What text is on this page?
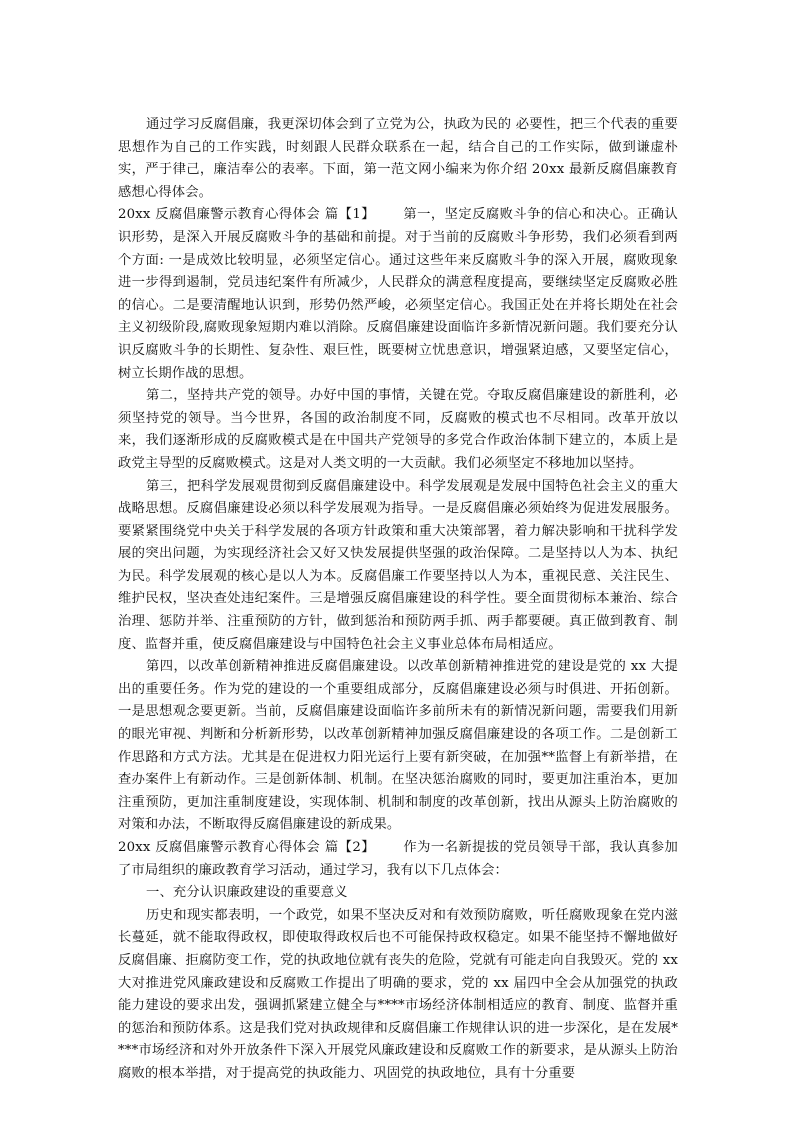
通过学习反腐倡廉，我更深切体会到了立党为公，执政为民的 必要性，把三个代表的重要思想作为自己的工作实践，时刻跟人民群众联系在一起，结合自己的工作实际，做到谦虚朴实，严于律己，廉洁奉公的表率。下面，第一范文网小编来为你介绍 20xx 最新反腐倡廉教育感想心得体会。

20xx 反腐倡廉警示教育心得体会 篇【1】 第一，坚定反腐败斗争的信心和决心。正确认识形势，是深入开展反腐败斗争的基础和前提。对于当前的反腐败斗争形势，我们必须看到两个方面: 一是成效比较明显，必须坚定信心。通过这些年来反腐败斗争的深入开展，腐败现象进一步得到遏制，党员违纪案件有所减少，人民群众的满意程度提高，要继续坚定反腐败必胜的信心。二是要清醒地认识到，形势仍然严峻，必须坚定信心。我国正处在并将长期处在社会主义初级阶段,腐败现象短期内难以消除。反腐倡廉建设面临许多新情况新问题。我们要充分认识反腐败斗争的长期性、复杂性、艰巨性，既要树立忧患意识，增强紧迫感，又要坚定信心，树立长期作战的思想。

第二，坚持共产党的领导。办好中国的事情，关键在党。夺取反腐倡廉建设的新胜利，必须坚持党的领导。当今世界，各国的政治制度不同，反腐败的模式也不尽相同。改革开放以来，我们逐渐形成的反腐败模式是在中国共产党领导的多党合作政治体制下建立的，本质上是政党主导型的反腐败模式。这是对人类文明的一大贡献。我们必须坚定不移地加以坚持。

第三，把科学发展观贯彻到反腐倡廉建设中。科学发展观是发展中国特色社会主义的重大战略思想。反腐倡廉建设必须以科学发展观为指导。一是反腐倡廉必须始终为促进发展服务。要紧紧围绕党中央关于科学发展的各项方针政策和重大决策部署，着力解决影响和干扰科学发展的突出问题，为实现经济社会又好又快发展提供坚强的政治保障。二是坚持以人为本、执纪为民。科学发展观的核心是以人为本。反腐倡廉工作要坚持以人为本，重视民意、关注民生、维护民权，坚决查处违纪案件。三是增强反腐倡廉建设的科学性。要全面贯彻标本兼治、综合治理、惩防并举、注重预防的方针，做到惩治和预防两手抓、两手都要硬。真正做到教育、制度、监督并重，使反腐倡廉建设与中国特色社会主义事业总体布局相适应。

第四，以改革创新精神推进反腐倡廉建设。以改革创新精神推进党的建设是党的 xx 大提出的重要任务。作为党的建设的一个重要组成部分，反腐倡廉建设必须与时俱进、开拓创新。一是思想观念要更新。当前，反腐倡廉建设面临许多前所未有的新情况新问题，需要我们用新的眼光审视、判断和分析新形势，以改革创新精神加强反腐倡廉建设的各项工作。二是创新工作思路和方式方法。尤其是在促进权力阳光运行上要有新突破，在加强**监督上有新举措，在查办案件上有新动作。三是创新体制、机制。在坚决惩治腐败的同时，要更加注重治本，更加注重预防，更加注重制度建设，实现体制、机制和制度的改革创新，找出从源头上防治腐败的对策和办法，不断取得反腐倡廉建设的新成果。

20xx 反腐倡廉警示教育心得体会 篇【2】 作为一名新提拔的党员领导干部，我认真参加了市局组织的廉政教育学习活动，通过学习，我有以下几点体会：

一、充分认识廉政建设的重要意义

历史和现实都表明，一个政党，如果不坚决反对和有效预防腐败，听任腐败现象在党内滋长蔓延，就不能取得政权，即使取得政权后也不可能保持政权稳定。如果不能坚持不懈地做好反腐倡廉、拒腐防变工作，党的执政地位就有丧失的危险，党就有可能走向自我毁灭。党的 xx 大对推进党风廉政建设和反腐败工作提出了明确的要求，党的 xx 届四中全会从加强党的执政能力建设的要求出发，强调抓紧建立健全与****市场经济体制相适应的教育、制度、监督并重的惩治和预防体系。这是我们党对执政规律和反腐倡廉工作规律认识的进一步深化，是在发展****市场经济和对外开放条件下深入开展党风廉政建设和反腐败工作的新要求，是从源头上防治腐败的根本举措，对于提高党的执政能力、巩固党的执政地位，具有十分重要
